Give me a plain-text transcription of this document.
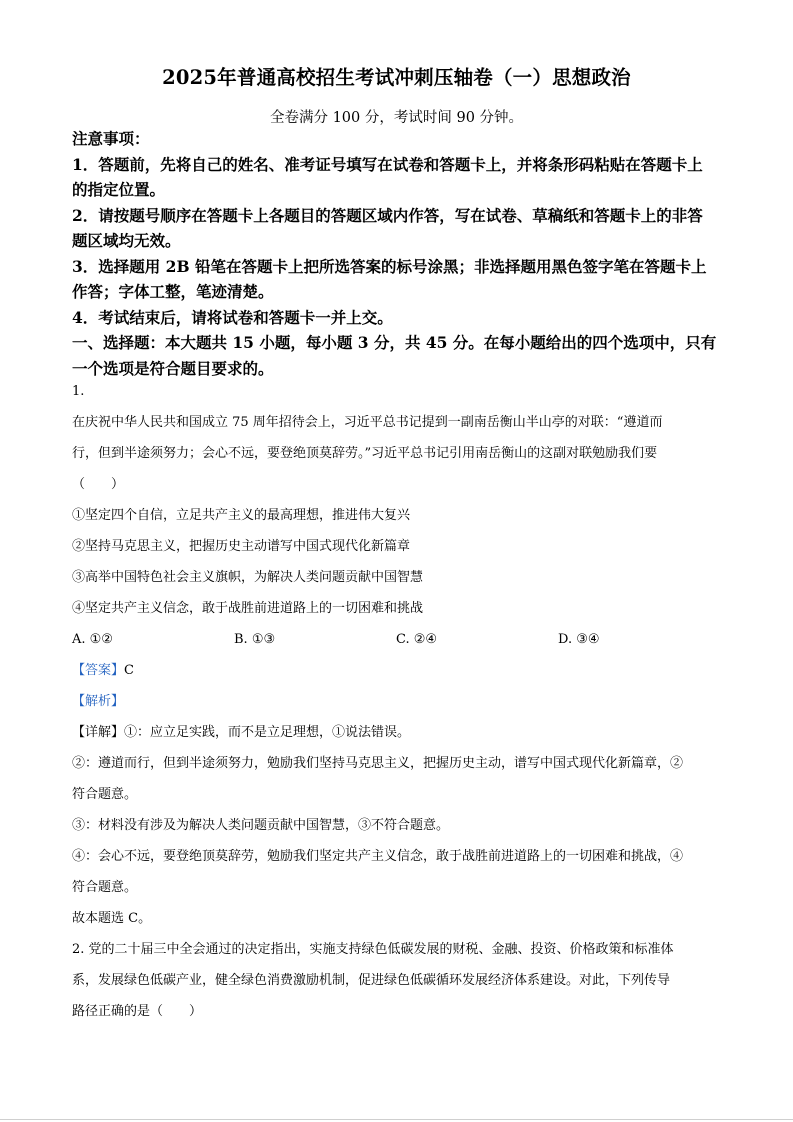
2025年普通高校招生考试冲刺压轴卷（一）思想政治
全卷满分 100 分，考试时间 90 分钟。
注意事项：
1．答题前，先将自己的姓名、准考证号填写在试卷和答题卡上，并将条形码粘贴在答题卡上
的指定位置。
2．请按题号顺序在答题卡上各题目的答题区域内作答，写在试卷、草稿纸和答题卡上的非答
题区域均无效。
3．选择题用 2B 铅笔在答题卡上把所选答案的标号涂黑；非选择题用黑色签字笔在答题卡上
作答；字体工整，笔迹清楚。
4．考试结束后，请将试卷和答题卡一并上交。
一、选择题：本大题共 15 小题，每小题 3 分，共 45 分。在每小题给出的四个选项中，只有
一个选项是符合题目要求的。
1.
在庆祝中华人民共和国成立 75 周年招待会上，习近平总书记提到一副南岳衡山半山亭的对联：“遵道而
行，但到半途须努力；会心不远，要登绝顶莫辞劳。”习近平总书记引用南岳衡山的这副对联勉励我们要
（　　）
①坚定四个自信，立足共产主义的最高理想，推进伟大复兴
②坚持马克思主义，把握历史主动谱写中国式现代化新篇章
③高举中国特色社会主义旗帜，为解决人类问题贡献中国智慧
④坚定共产主义信念，敢于战胜前进道路上的一切困难和挑战
A. ①②	B. ①③	C. ②④	D. ③④
【答案】C
【解析】
【详解】①：应立足实践，而不是立足理想，①说法错误。
②：遵道而行，但到半途须努力，勉励我们坚持马克思主义，把握历史主动，谱写中国式现代化新篇章，②
符合题意。
③：材料没有涉及为解决人类问题贡献中国智慧，③不符合题意。
④：会心不远，要登绝顶莫辞劳，勉励我们坚定共产主义信念，敢于战胜前进道路上的一切困难和挑战，④
符合题意。
故本题选 C。
2. 党的二十届三中全会通过的决定指出，实施支持绿色低碳发展的财税、金融、投资、价格政策和标准体
系，发展绿色低碳产业，健全绿色消费激励机制，促进绿色低碳循环发展经济体系建设。对此，下列传导
路径正确的是（　　）
